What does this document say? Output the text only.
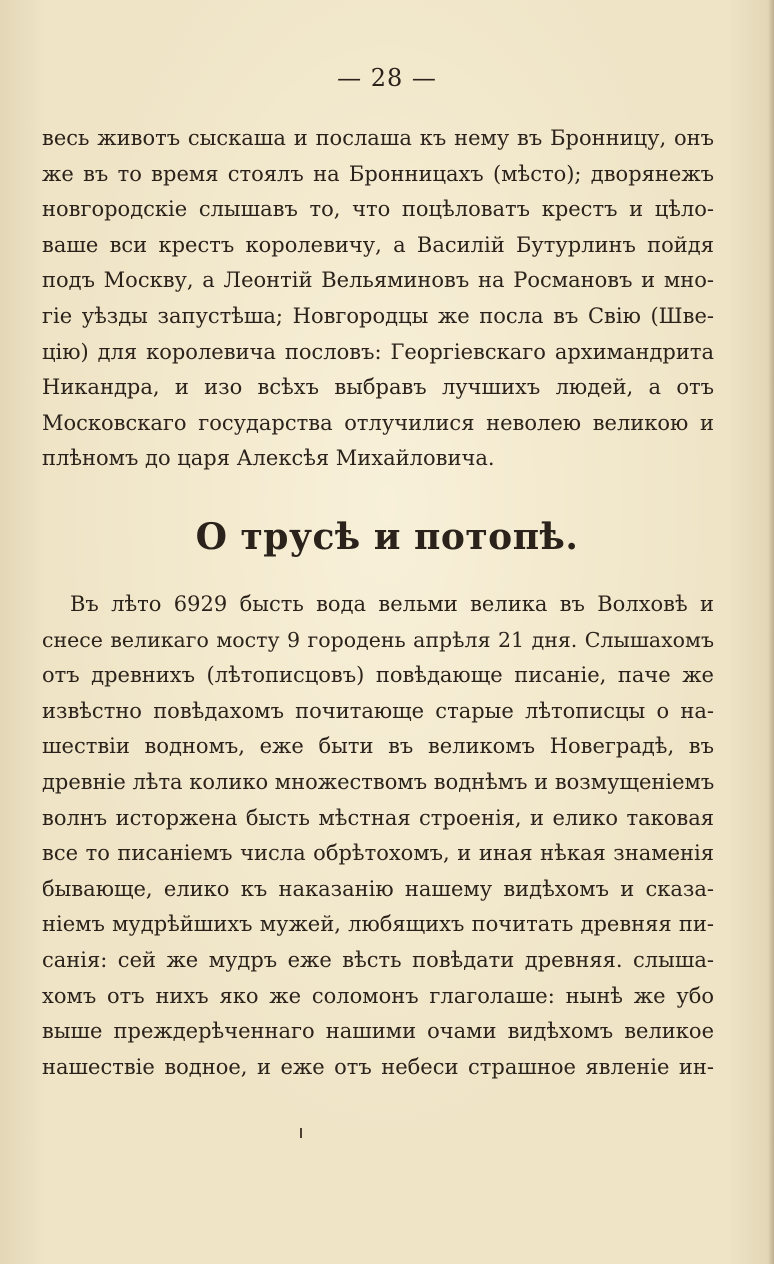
— 28 —
весь животъ сыскаша и послаша къ нему въ Бронницу, онъ
же въ то время стоялъ на Бронницахъ (мѣсто); дворянежъ
новгородскіе слышавъ то, что поцѣловатъ крестъ и цѣло-
ваше вси крестъ королевичу, а Василій Бутурлинъ пойдя
подъ Москву, а Леонтій Вельяминовъ на Росмановъ и мно-
гіе уѣзды запустѣша; Новгородцы же посла въ Свію (Шве-
цію) для королевича пословъ: Георгіевскаго архимандрита
Никандра, и изо всѣхъ выбравъ лучшихъ людей, а отъ
Московскаго государства отлучилися неволею великою и
плѣномъ до царя Алексѣя Михайловича.
О трусѣ и потопѣ.
Въ лѣто 6929 бысть вода вельми велика въ Волховѣ и
снесе великаго мосту 9 городень апрѣля 21 дня. Слышахомъ
отъ древнихъ (лѣтописцовъ) повѣдающе писаніе, паче же
извѣстно повѣдахомъ почитающе старые лѣтописцы о на-
шествіи водномъ, еже быти въ великомъ Новеградѣ, въ
древніе лѣта колико множествомъ воднѣмъ и возмущеніемъ
волнъ исторжена бысть мѣстная строенія, и елико таковая
все то писаніемъ числа обрѣтохомъ, и иная нѣкая знаменія
бывающе, елико къ наказанію нашему видѣхомъ и сказа-
ніемъ мудрѣйшихъ мужей, любящихъ почитать древняя пи-
санія: сей же мудръ еже вѣсть повѣдати древняя. слыша-
хомъ отъ нихъ яко же соломонъ глаголаше: нынѣ же убо
выше преждерѣченнаго нашими очами видѣхомъ великое
нашествіе водное, и еже отъ небеси страшное явленіе ин-
